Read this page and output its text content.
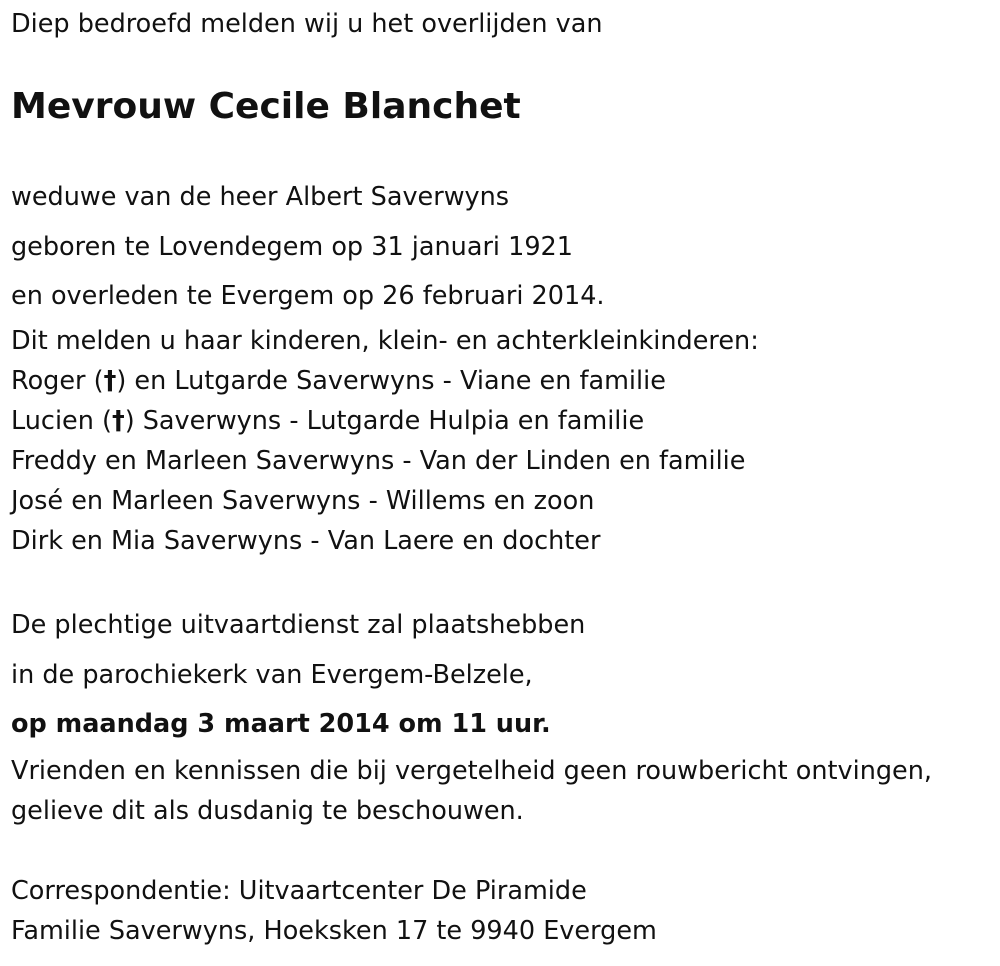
Diep bedroefd melden wij u het overlijden van

Mevrouw Cecile Blanchet

weduwe van de heer Albert Saverwyns

geboren te Lovendegem op 31 januari 1921

en overleden te Evergem op 26 februari 2014.

Dit melden u haar kinderen, klein- en achterkleinkinderen:

Roger (†) en Lutgarde Saverwyns - Viane en familie

Lucien (†) Saverwyns - Lutgarde Hulpia en familie

Freddy en Marleen Saverwyns - Van der Linden en familie

José en Marleen Saverwyns - Willems en zoon

Dirk en Mia Saverwyns - Van Laere en dochter

De plechtige uitvaartdienst zal plaatshebben

in de parochiekerk van Evergem-Belzele,

op maandag 3 maart 2014 om 11 uur.

Vrienden en kennissen die bij vergetelheid geen rouwbericht ontvingen,

gelieve dit als dusdanig te beschouwen.

Correspondentie: Uitvaartcenter De Piramide

Familie Saverwyns, Hoeksken 17 te 9940 Evergem
